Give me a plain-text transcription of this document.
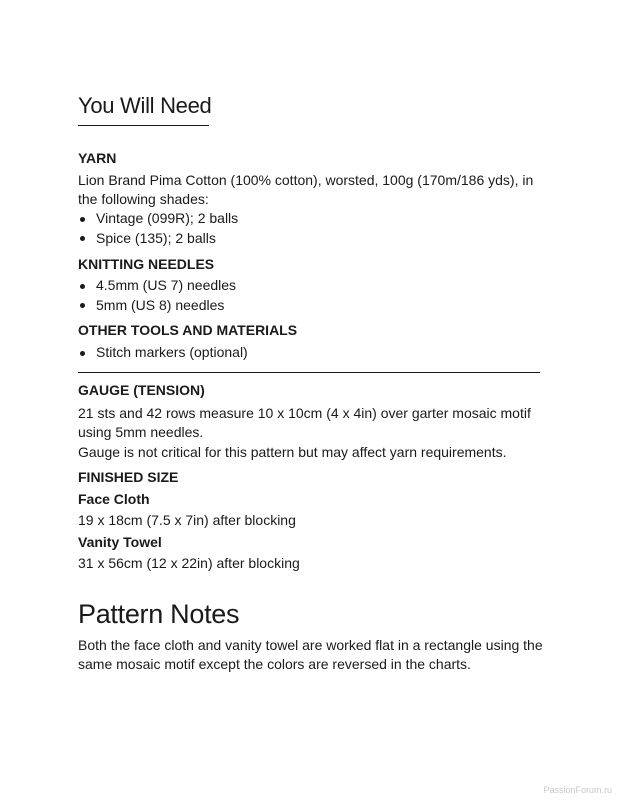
You Will Need
YARN

Lion Brand Pima Cotton (100% cotton), worsted, 100g (170m/186 yds), in the following shades:

Vintage (099R); 2 balls
Spice (135); 2 balls
KNITTING NEEDLES
4.5mm (US 7) needles
5mm (US 8) needles
OTHER TOOLS AND MATERIALS
Stitch markers (optional)
GAUGE (TENSION)

21 sts and 42 rows measure 10 x 10cm (4 x 4in) over garter mosaic motif using 5mm needles.

Gauge is not critical for this pattern but may affect yarn requirements.

FINISHED SIZE
Face Cloth

19 x 18cm (7.5 x 7in) after blocking

Vanity Towel

31 x 56cm (12 x 22in) after blocking

Pattern Notes

Both the face cloth and vanity towel are worked flat in a rectangle using the same mosaic motif except the colors are reversed in the charts.

PassionForum.ru
